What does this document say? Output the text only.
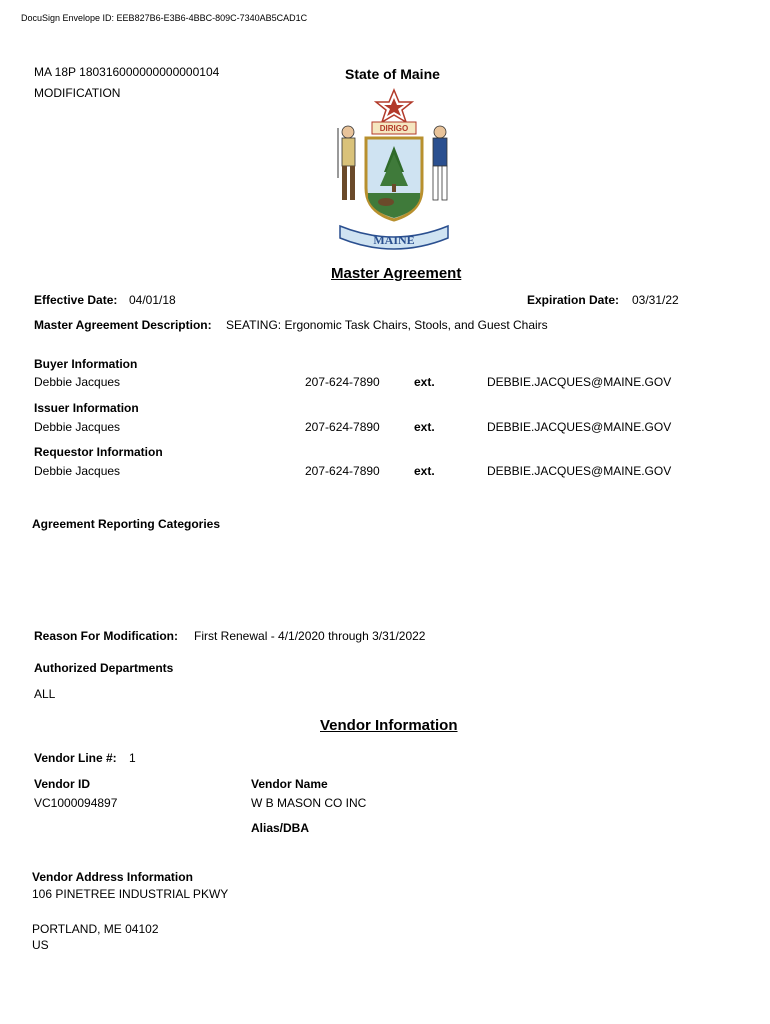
DocuSign Envelope ID: EEB827B6-E3B6-4BBC-809C-7340AB5CAD1C
MA 18P 180316000000000000104
MODIFICATION
State of Maine
DIRIGO
MAINE
Master Agreement
Effective Date: 04/01/18	Expiration Date: 03/31/22
Master Agreement Description: SEATING: Ergonomic Task Chairs, Stools, and Guest Chairs
Buyer Information
Debbie Jacques	207-624-7890	ext.	DEBBIE.JACQUES@MAINE.GOV
Issuer Information
Debbie Jacques	207-624-7890	ext.	DEBBIE.JACQUES@MAINE.GOV
Requestor Information
Debbie Jacques	207-624-7890	ext.	DEBBIE.JACQUES@MAINE.GOV
Agreement Reporting Categories
Reason For Modification: First Renewal - 4/1/2020 through 3/31/2022
Authorized Departments
ALL
Vendor Information
Vendor Line #: 1
Vendor ID
VC1000094897
Vendor Name
W B MASON CO INC
Alias/DBA
Vendor Address Information
106 PINETREE INDUSTRIAL PKWY
PORTLAND, ME 04102
US
